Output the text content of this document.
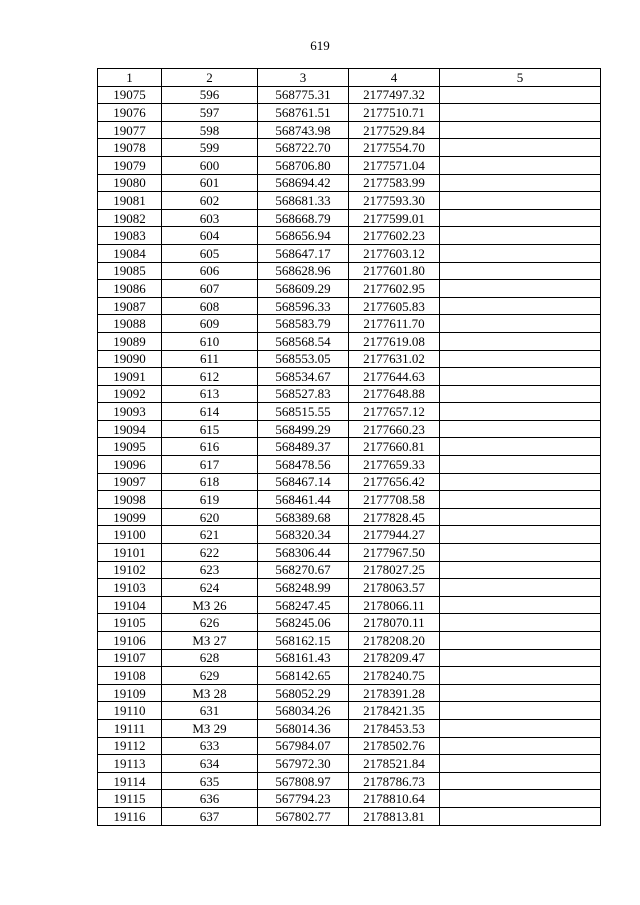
619
1	2	3	4	5
19075	596	568775.31	2177497.32	
19076	597	568761.51	2177510.71	
19077	598	568743.98	2177529.84	
19078	599	568722.70	2177554.70	
19079	600	568706.80	2177571.04	
19080	601	568694.42	2177583.99	
19081	602	568681.33	2177593.30	
19082	603	568668.79	2177599.01	
19083	604	568656.94	2177602.23	
19084	605	568647.17	2177603.12	
19085	606	568628.96	2177601.80	
19086	607	568609.29	2177602.95	
19087	608	568596.33	2177605.83	
19088	609	568583.79	2177611.70	
19089	610	568568.54	2177619.08	
19090	611	568553.05	2177631.02	
19091	612	568534.67	2177644.63	
19092	613	568527.83	2177648.88	
19093	614	568515.55	2177657.12	
19094	615	568499.29	2177660.23	
19095	616	568489.37	2177660.81	
19096	617	568478.56	2177659.33	
19097	618	568467.14	2177656.42	
19098	619	568461.44	2177708.58	
19099	620	568389.68	2177828.45	
19100	621	568320.34	2177944.27	
19101	622	568306.44	2177967.50	
19102	623	568270.67	2178027.25	
19103	624	568248.99	2178063.57	
19104	МЗ 26	568247.45	2178066.11	
19105	626	568245.06	2178070.11	
19106	МЗ 27	568162.15	2178208.20	
19107	628	568161.43	2178209.47	
19108	629	568142.65	2178240.75	
19109	МЗ 28	568052.29	2178391.28	
19110	631	568034.26	2178421.35	
19111	МЗ 29	568014.36	2178453.53	
19112	633	567984.07	2178502.76	
19113	634	567972.30	2178521.84	
19114	635	567808.97	2178786.73	
19115	636	567794.23	2178810.64	
19116	637	567802.77	2178813.81	
